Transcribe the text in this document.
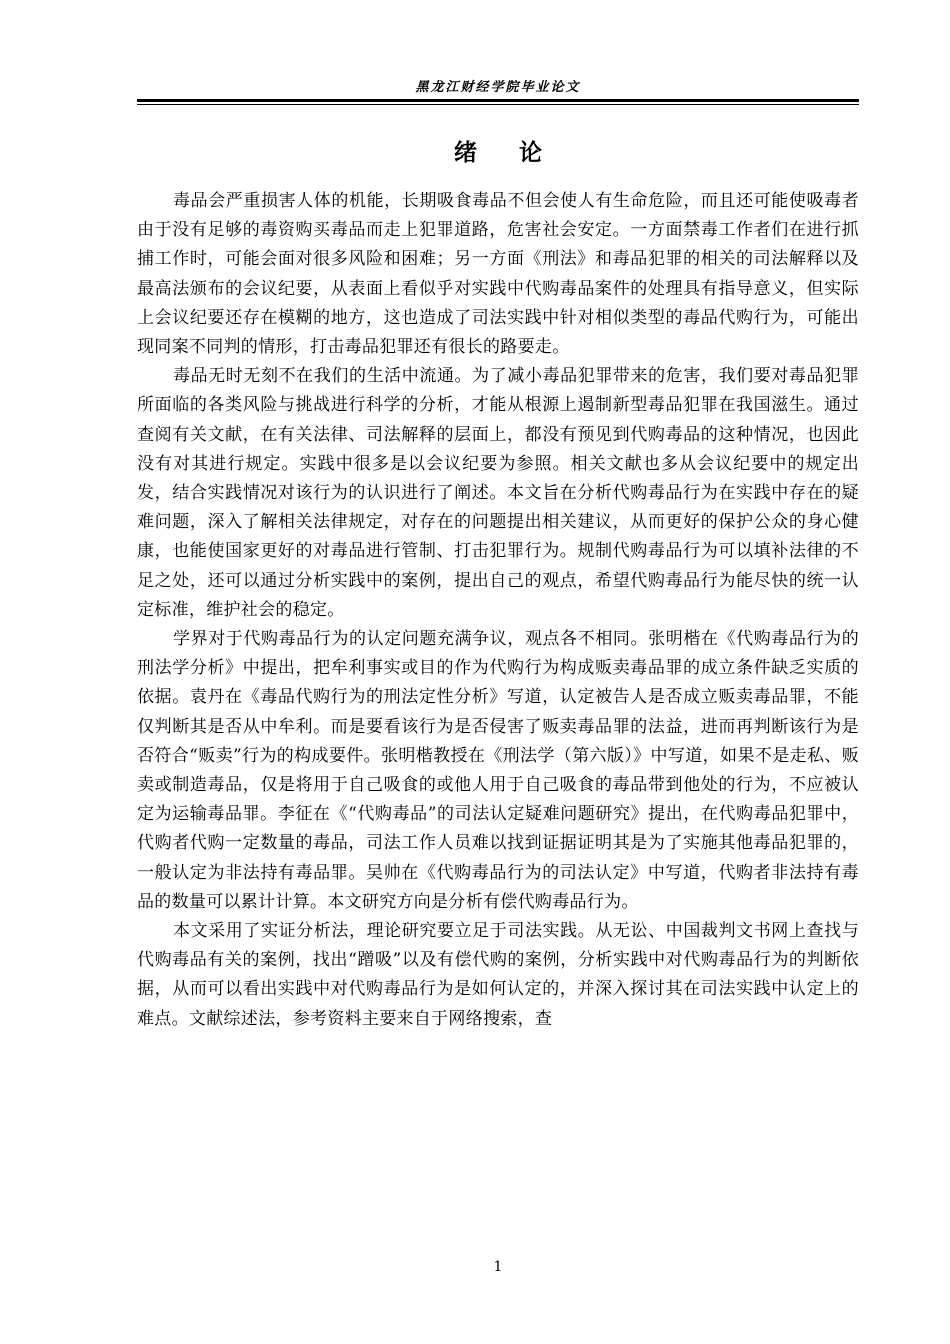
黑龙江财经学院毕业论文
绪论

毒品会严重损害人体的机能，长期吸食毒品不但会使人有生命危险，而且还可能使吸毒者由于没有足够的毒资购买毒品而走上犯罪道路，危害社会安定。一方面禁毒工作者们在进行抓捕工作时，可能会面对很多风险和困难；另一方面《刑法》和毒品犯罪的相关的司法解释以及最高法颁布的会议纪要，从表面上看似乎对实践中代购毒品案件的处理具有指导意义，但实际上会议纪要还存在模糊的地方，这也造成了司法实践中针对相似类型的毒品代购行为，可能出现同案不同判的情形，打击毒品犯罪还有很长的路要走。

毒品无时无刻不在我们的生活中流通。为了减小毒品犯罪带来的危害，我们要对毒品犯罪所面临的各类风险与挑战进行科学的分析，才能从根源上遏制新型毒品犯罪在我国滋生。通过查阅有关文献，在有关法律、司法解释的层面上，都没有预见到代购毒品的这种情况，也因此没有对其进行规定。实践中很多是以会议纪要为参照。相关文献也多从会议纪要中的规定出发，结合实践情况对该行为的认识进行了阐述。本文旨在分析代购毒品行为在实践中存在的疑难问题，深入了解相关法律规定，对存在的问题提出相关建议，从而更好的保护公众的身心健康，也能使国家更好的对毒品进行管制、打击犯罪行为。规制代购毒品行为可以填补法律的不足之处，还可以通过分析实践中的案例，提出自己的观点，希望代购毒品行为能尽快的统一认定标准，维护社会的稳定。

学界对于代购毒品行为的认定问题充满争议，观点各不相同。张明楷在《代购毒品行为的刑法学分析》中提出，把牟利事实或目的作为代购行为构成贩卖毒品罪的成立条件缺乏实质的依据。袁丹在《毒品代购行为的刑法定性分析》写道，认定被告人是否成立贩卖毒品罪，不能仅判断其是否从中牟利。而是要看该行为是否侵害了贩卖毒品罪的法益，进而再判断该行为是否符合“贩卖”行为的构成要件。张明楷教授在《刑法学（第六版）》中写道，如果不是走私、贩卖或制造毒品，仅是将用于自己吸食的或他人用于自己吸食的毒品带到他处的行为，不应被认定为运输毒品罪。李征在《“代购毒品”的司法认定疑难问题研究》提出，在代购毒品犯罪中，代购者代购一定数量的毒品，司法工作人员难以找到证据证明其是为了实施其他毒品犯罪的，一般认定为非法持有毒品罪。吴帅在《代购毒品行为的司法认定》中写道，代购者非法持有毒品的数量可以累计计算。本文研究方向是分析有偿代购毒品行为。

本文采用了实证分析法，理论研究要立足于司法实践。从无讼、中国裁判文书网上查找与代购毒品有关的案例，找出“蹭吸”以及有偿代购的案例，分析实践中对代购毒品行为的判断依据，从而可以看出实践中对代购毒品行为是如何认定的，并深入探讨其在司法实践中认定上的难点。文献综述法，参考资料主要来自于网络搜索，查

1
